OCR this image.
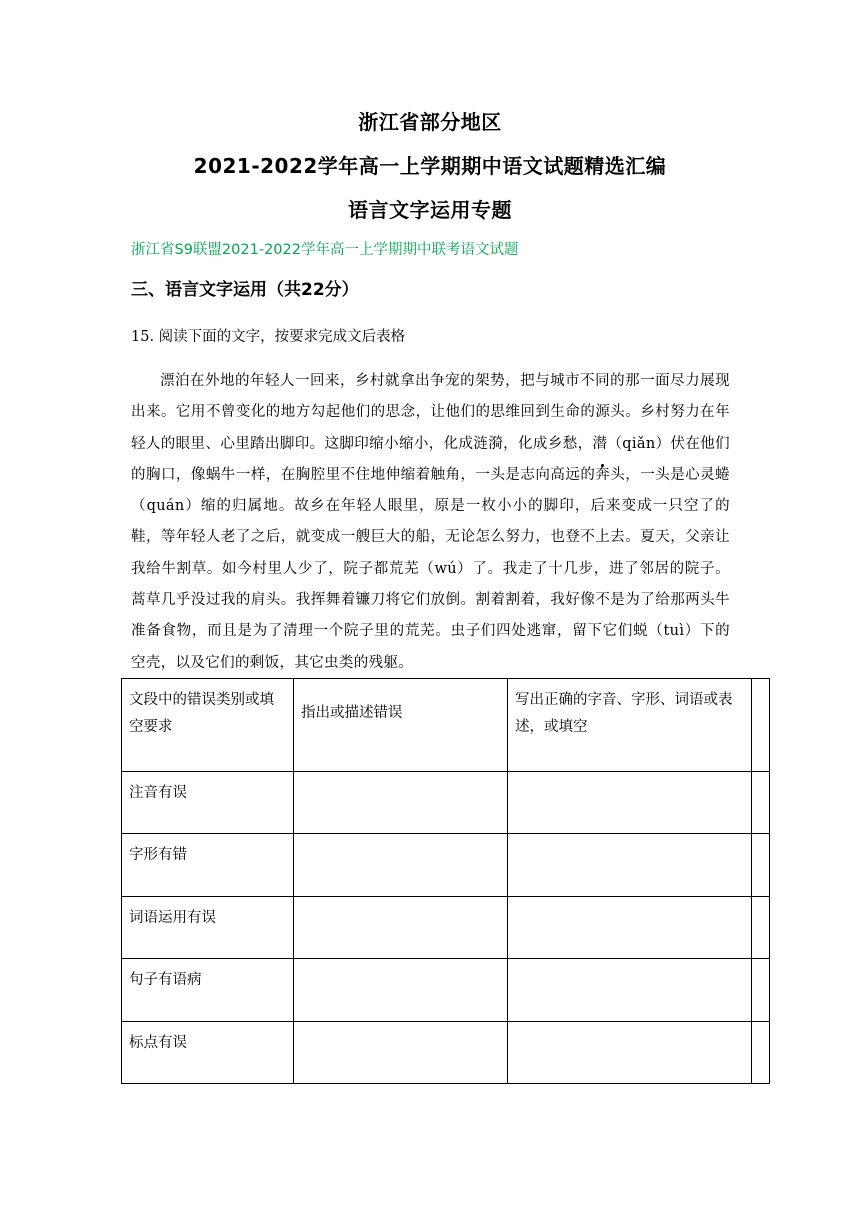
浙江省部分地区
2021-2022学年高一上学期期中语文试题精选汇编
语言文字运用专题
浙江省S9联盟2021-2022学年高一上学期期中联考语文试题
三、语言文字运用（共22分）
15. 阅读下面的文字，按要求完成文后表格
漂泊在外地的年轻人一回来，乡村就拿出争宠的架势，把与城市不同的那一面尽力展现出来。它用不曾变化的地方勾起他们的思念，让他们的思维回到生命的源头。乡村努力在年轻人的眼里、心里踏出脚印。这脚印缩小缩小，化成涟漪，化成乡愁，潜（qiǎn）伏在他们的胸口，像蜗牛一样，在胸腔里不住地伸缩着触角，一头是志向高远的奔头，一头是心灵蜷（quán）缩的归属地。故乡在年轻人眼里，原是一枚小小的脚印，后来变成一只空了的鞋，等年轻人老了之后，就变成一艘巨大的船，无论怎么努力，也登不上去。夏天，父亲让我给牛割草。如今村里人少了，院子都荒芜（wú）了。我走了十几步，进了邻居的院子。 蒿草几乎没过我的肩头。我挥舞着镰刀将它们放倒。割着割着，我好像不是为了给那两头牛准备食物，而且是为了清理一个院子里的荒芜。虫子们四处逃窜，留下它们蜕（tuì）下的空壳，以及它们的剩饭，其它虫类的残躯。
文段中的错误类别或填空要求	指出或描述错误	写出正确的字音、字形、词语或表述，或填空	
注音有误			
字形有错			
词语运用有误			
句子有语病			
标点有误			
